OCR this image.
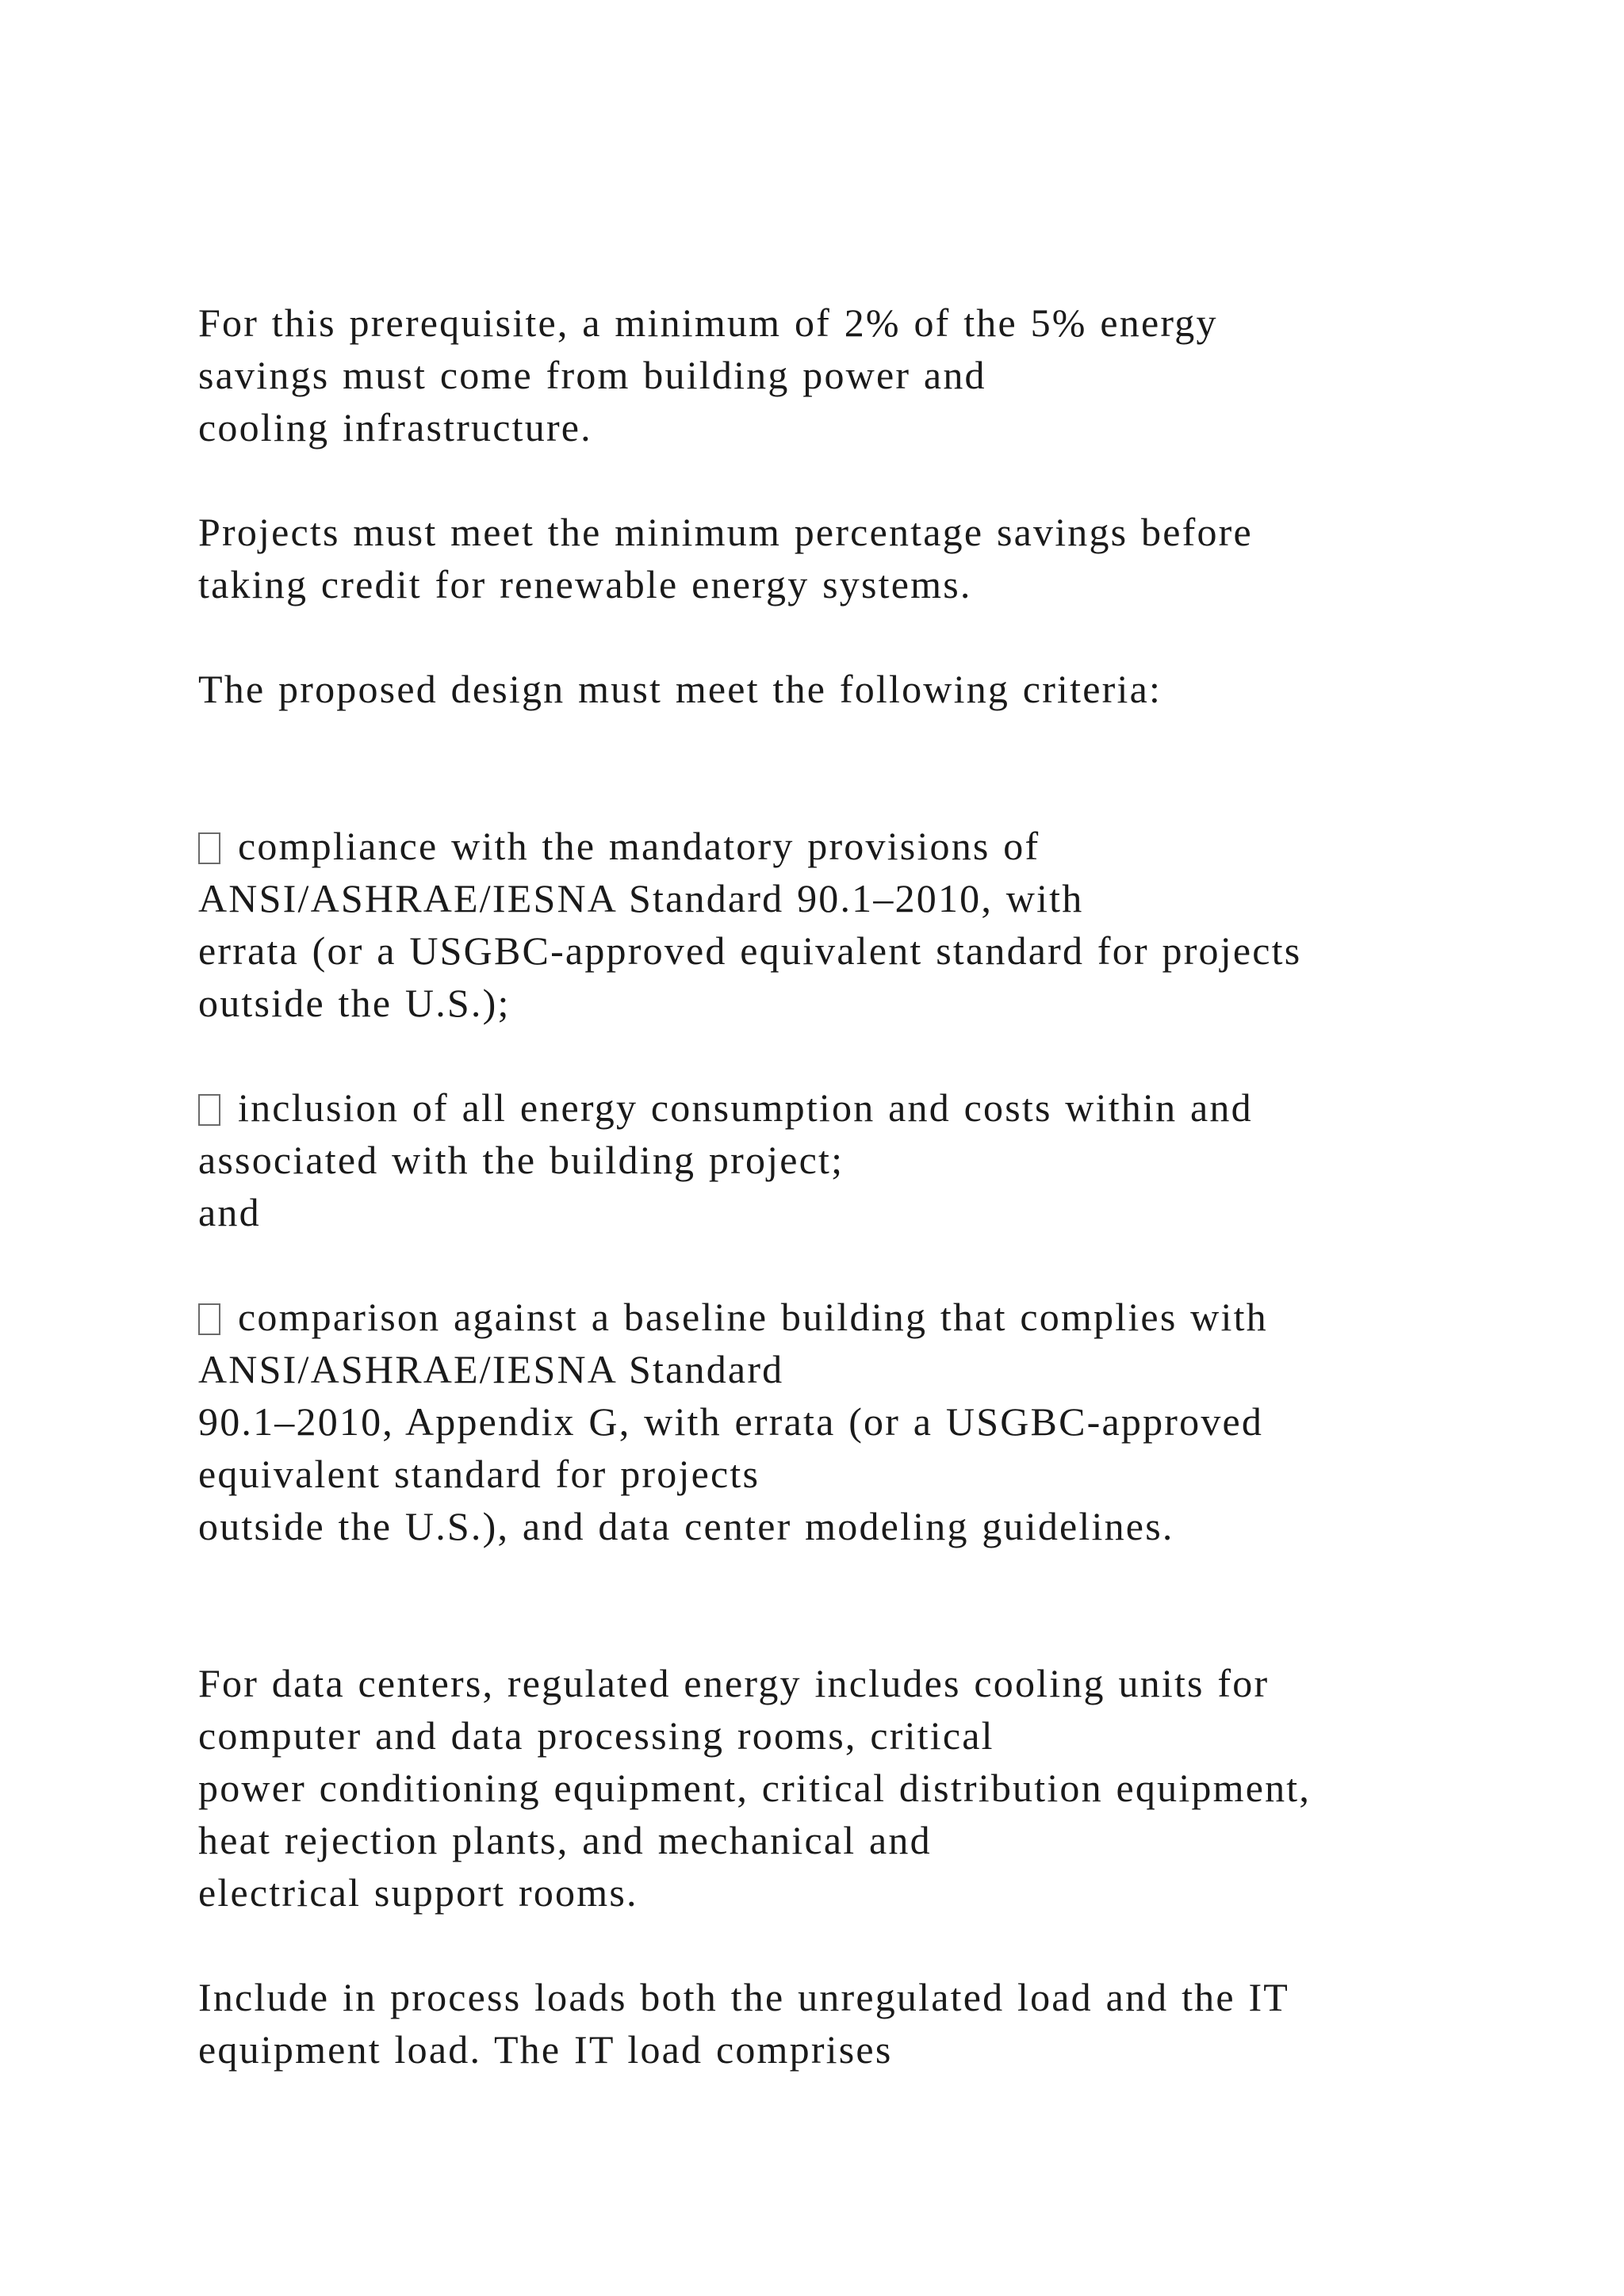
For this prerequisite, a minimum of 2% of the 5% energy
savings must come from building power and
cooling infrastructure.
Projects must meet the minimum percentage savings before
taking credit for renewable energy systems.
The proposed design must meet the following criteria:
compliance with the mandatory provisions of
ANSI/ASHRAE/IESNA Standard 90.1–2010, with
errata (or a USGBC-approved equivalent standard for projects
outside the U.S.);
inclusion of all energy consumption and costs within and
associated with the building project;
and
comparison against a baseline building that complies with
ANSI/ASHRAE/IESNA Standard
90.1–2010, Appendix G, with errata (or a USGBC-approved
equivalent standard for projects
outside the U.S.), and data center modeling guidelines.
For data centers, regulated energy includes cooling units for
computer and data processing rooms, critical
power conditioning equipment, critical distribution equipment,
heat rejection plants, and mechanical and
electrical support rooms.
Include in process loads both the unregulated load and the IT
equipment load. The IT load comprises
